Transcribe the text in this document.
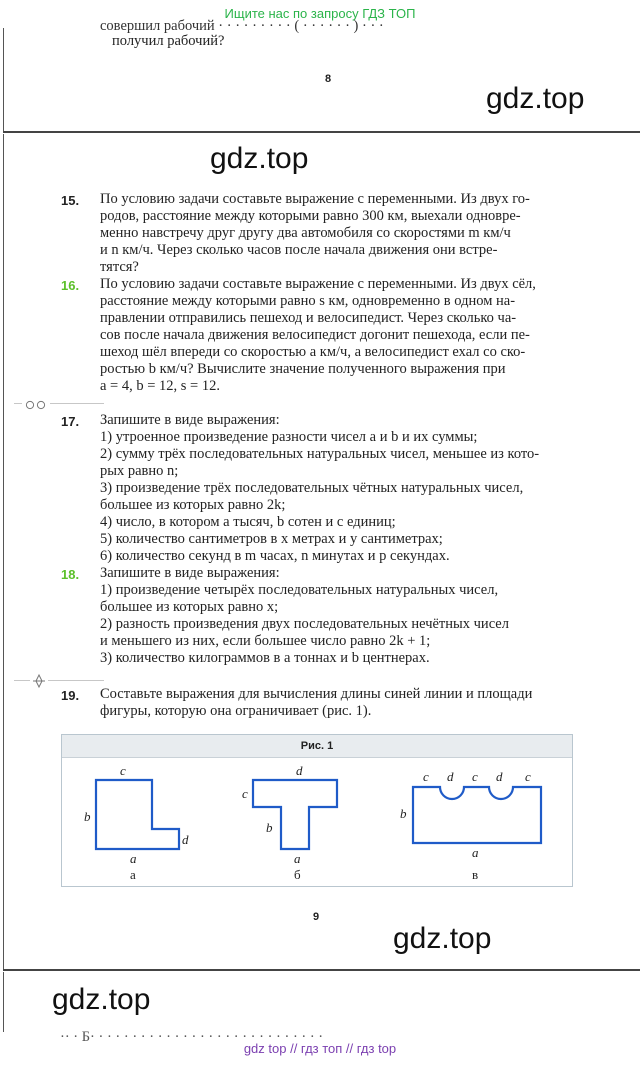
Ищите нас по запросу ГДЗ ТОП
совершил рабочий · · · · · · · · · ( · · · · · · ) · · ·
получил рабочий?
8
gdz.top
gdz.top
15.	По условию задачи составьте выражение с переменными. Из двух го-
родов, расстояние между которыми равно 300 км, выехали одновре-
менно навстречу друг другу два автомобиля со скоростями m км/ч
и n км/ч. Через сколько часов после начала движения они встре-
тятся?
16.	По условию задачи составьте выражение с переменными. Из двух сёл,
расстояние между которыми равно s км, одновременно в одном на-
правлении отправились пешеход и велосипедист. Через сколько ча-
сов после начала движения велосипедист догонит пешехода, если пе-
шеход шёл впереди со скоростью a км/ч, а велосипедист ехал со ско-
ростью b км/ч? Вычислите значение полученного выражения при
a = 4, b = 12, s = 12.
17.	Запишите в виде выражения:
1) утроенное произведение разности чисел a и b и их суммы;
2) сумму трёх последовательных натуральных чисел, меньшее из кото-
рых равно n;
3) произведение трёх последовательных чётных натуральных чисел,
большее из которых равно 2k;
4) число, в котором a тысяч, b сотен и c единиц;
5) количество сантиметров в x метрах и y сантиметрах;
6) количество секунд в m часах, n минутах и p секундах.
18.	Запишите в виде выражения:
1) произведение четырёх последовательных натуральных чисел,
большее из которых равно x;
2) разность произведения двух последовательных нечётных чисел
и меньшего из них, если большее число равно 2k + 1;
3) количество килограммов в a тоннах и b центнерах.
19.	Составьте выражения для вычисления длины синей линии и площади
фигуры, которую она ограничивает (рис. 1).
Рис. 1
c
b
d
a
а
d
c
b
a
б
c d c d c
b
a
в
9
gdz.top
gdz.top
·· · Б· · · · · · · · · · · · · · · · · · · · · · · · · · · ·
gdz top // гдз топ // гдз top
